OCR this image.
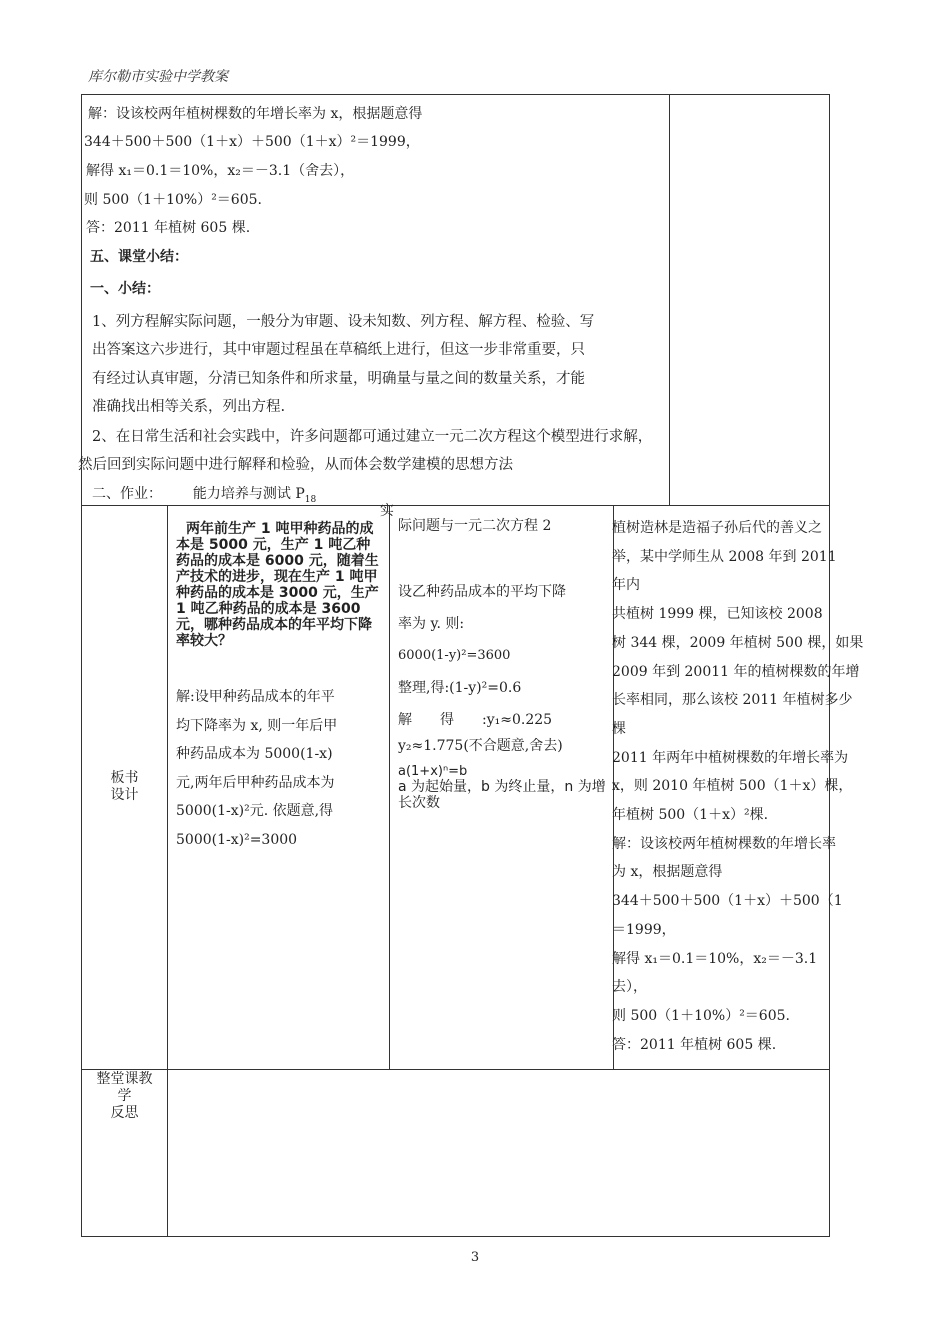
库尔勒市实验中学教案
解：设该校两年植树棵数的年增长率为 x，根据题意得
344＋500＋500（1＋x）＋500（1＋x）²＝1999，
解得 x₁＝0.1＝10%，x₂＝－3.1（舍去），
则 500（1＋10%）²＝605.
答：2011 年植树 605 棵.
五、课堂小结：
一、小结：
1、列方程解实际问题，一般分为审题、设未知数、列方程、解方程、检验、写
出答案这六步进行，其中审题过程虽在草稿纸上进行，但这一步非常重要，只
有经过认真审题，分清已知条件和所求量，明确量与量之间的数量关系，才能
准确找出相等关系，列出方程.
2、在日常生活和社会实践中，许多问题都可通过建立一元二次方程这个模型进行求解，
然后回到实际问题中进行解释和检验，从而体会数学建模的思想方法
二、作业： 能力培养与测试 $P_{18}$
板书
设计
两年前生产 1 吨甲种药品的成本是 5000 元，生产 1 吨乙种药品的成本是 6000 元，随着生产技术的进步，现在生产 1 吨甲种药品的成本是 3000 元，生产 1 吨乙种药品的成本是 3600 元，哪种药品成本的年平均下降率较大？

解:设甲种药品成本的年平

均下降率为 x, 则一年后甲

种药品成本为 5000(1-x)

元,两年后甲种药品成本为

5000(1-x)²元. 依题意,得

5000(1-x)²=3000

实
际问题与一元二次方程 2

设乙种药品成本的平均下降

率为 y. 则:

6000(1-y)²=3600

整理,得:(1-y)²=0.6

解　　得　　:y₁≈0.225

y₂≈1.775(不合题意,舍去)

a(1+x)ⁿ=b
a 为起始量，b 为终止量，n 为增长次数

植树造林是造福子孙后代的善义之

举，某中学师生从 2008 年到 2011

年内

共植树 1999 棵，已知该校 2008

树 344 棵，2009 年植树 500 棵，如果

2009 年到 20011 年的植树棵数的年增

长率相同，那么该校 2011 年植树多少

棵

2011 年两年中植树棵数的年增长率为

x，则 2010 年植树 500（1＋x）棵，

年植树 500（1＋x）²棵.

解：设该校两年植树棵数的年增长率

为 x，根据题意得

344＋500＋500（1＋x）＋500（1

＝1999，

解得 x₁＝0.1＝10%，x₂＝－3.1

去），

则 500（1＋10%）²＝605.

答：2011 年植树 605 棵.

整堂课教
学
反思
3
